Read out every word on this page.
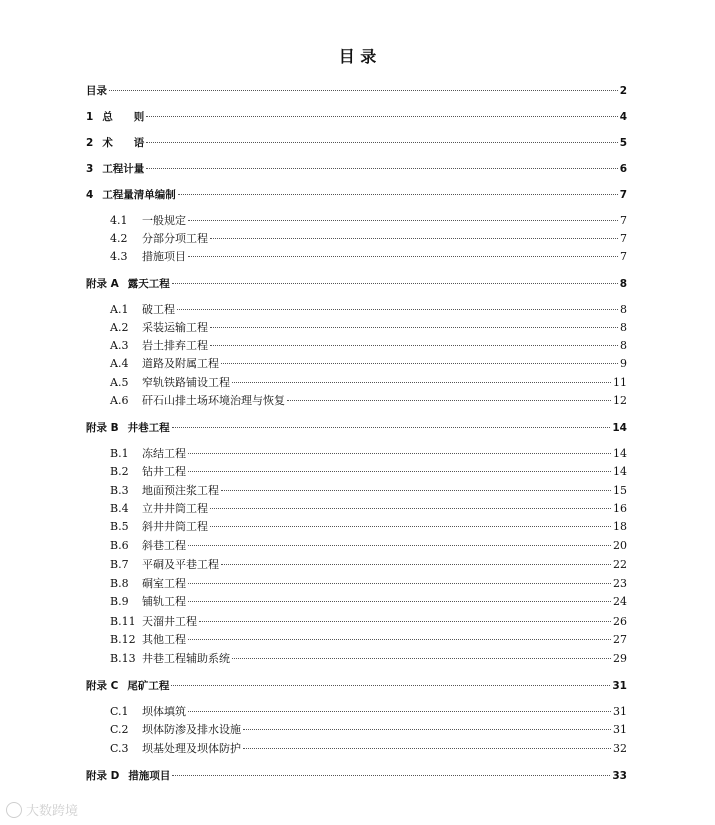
目 录
目录	2
1 总　　则	4
2 术　　语	5
3 工程计量	6
4 工程量清单编制	7
4.1	一般规定	7
4.2	分部分项工程	7
4.3	措施项目	7
附录 A 露天工程	8
A.1	破工程	8
A.2	采装运输工程	8
A.3	岩土排弃工程	8
A.4	道路及附属工程	9
A.5	窄轨铁路铺设工程	11
A.6	矸石山排土场环境治理与恢复	12
附录 B 井巷工程	14
B.1	冻结工程	14
B.2	钻井工程	14
B.3	地面预注浆工程	15
B.4	立井井筒工程	16
B.5	斜井井筒工程	18
B.6	斜巷工程	20
B.7	平硐及平巷工程	22
B.8	硐室工程	23
B.9	铺轨工程	24
B.11 天溜井工程	26
B.12 其他工程	27
B.13 井巷工程辅助系统	29
附录 C 尾矿工程	31
C.1	坝体填筑	31
C.2	坝体防渗及排水设施	31
C.3	坝基处理及坝体防护	32
附录 D 措施项目	33
大数跨境
